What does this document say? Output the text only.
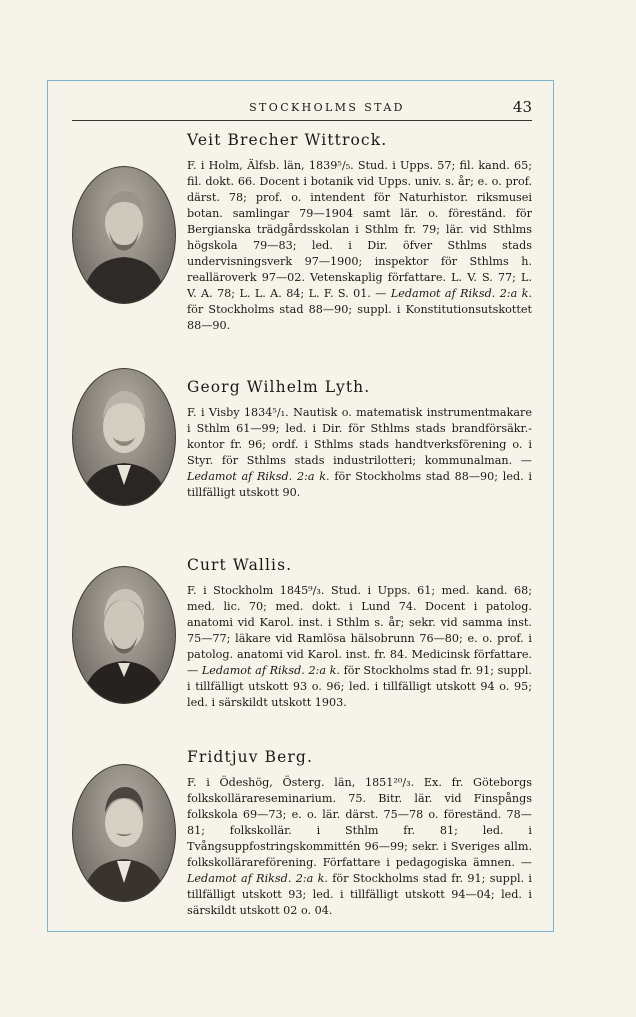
STOCKHOLMS STAD	43
Veit Brecher Wittrock.
F. i Holm, Älfsb. län, 1839⁵/₅. Stud. i Upps. 57; fil. kand. 65; fil. dokt. 66. Docent i botanik vid Upps. univ. s. år; e. o. prof. därst. 78; prof. o. intendent för Naturhistor. riksmusei botan. samlingar 79—1904 samt lär. o. föreständ. för Bergianska trädgårdsskolan i Sthlm fr. 79; lär. vid Sthlms högskola 79—83; led. i Dir. öfver Sthlms stads undervisningsverk 97—1900; inspektor för Sthlms h. realläroverk 97—02. Vetenskaplig författare. L. V. S. 77; L. V. A. 78; L. L. A. 84; L. F. S. 01. — Ledamot af Riksd. 2:a k. för Stockholms stad 88—90; suppl. i Konstitutionsutskottet 88—90.
Georg Wilhelm Lyth.
F. i Visby 1834⁵/₁. Nautisk o. matematisk instrumentmakare i Sthlm 61—99; led. i Dir. för Sthlms stads brandförsäkr.-kontor fr. 96; ordf. i Sthlms stads handtverksförening o. i Styr. för Sthlms stads industrilotteri; kommunalman. — Ledamot af Riksd. 2:a k. för Stockholms stad 88—90; led. i tillfälligt utskott 90.
Curt Wallis.
F. i Stockholm 1845⁹/₃. Stud. i Upps. 61; med. kand. 68; med. lic. 70; med. dokt. i Lund 74. Docent i patolog. anatomi vid Karol. inst. i Sthlm s. år; sekr. vid samma inst. 75—77; läkare vid Ramlösa hälsobrunn 76—80; e. o. prof. i patolog. anatomi vid Karol. inst. fr. 84. Medicinsk författare. — Ledamot af Riksd. 2:a k. för Stockholms stad fr. 91; suppl. i tillfälligt utskott 93 o. 96; led. i tillfälligt utskott 94 o. 95; led. i särskildt utskott 1903.
Fridtjuv Berg.
F. i Ödeshög, Österg. län, 1851²⁰/₃. Ex. fr. Göteborgs folkskollärareseminarium. 75. Bitr. lär. vid Finspångs folkskola 69—73; e. o. lär. därst. 75—78 o. föreständ. 78—81; folkskollär. i Sthlm fr. 81; led. i Tvångsuppfostringskommittén 96—99; sekr. i Sveriges allm. folkskollärareförening. Författare i pedagogiska ämnen. — Ledamot af Riksd. 2:a k. för Stockholms stad fr. 91; suppl. i tillfälligt utskott 93; led. i tillfälligt utskott 94—04; led. i särskildt utskott 02 o. 04.
